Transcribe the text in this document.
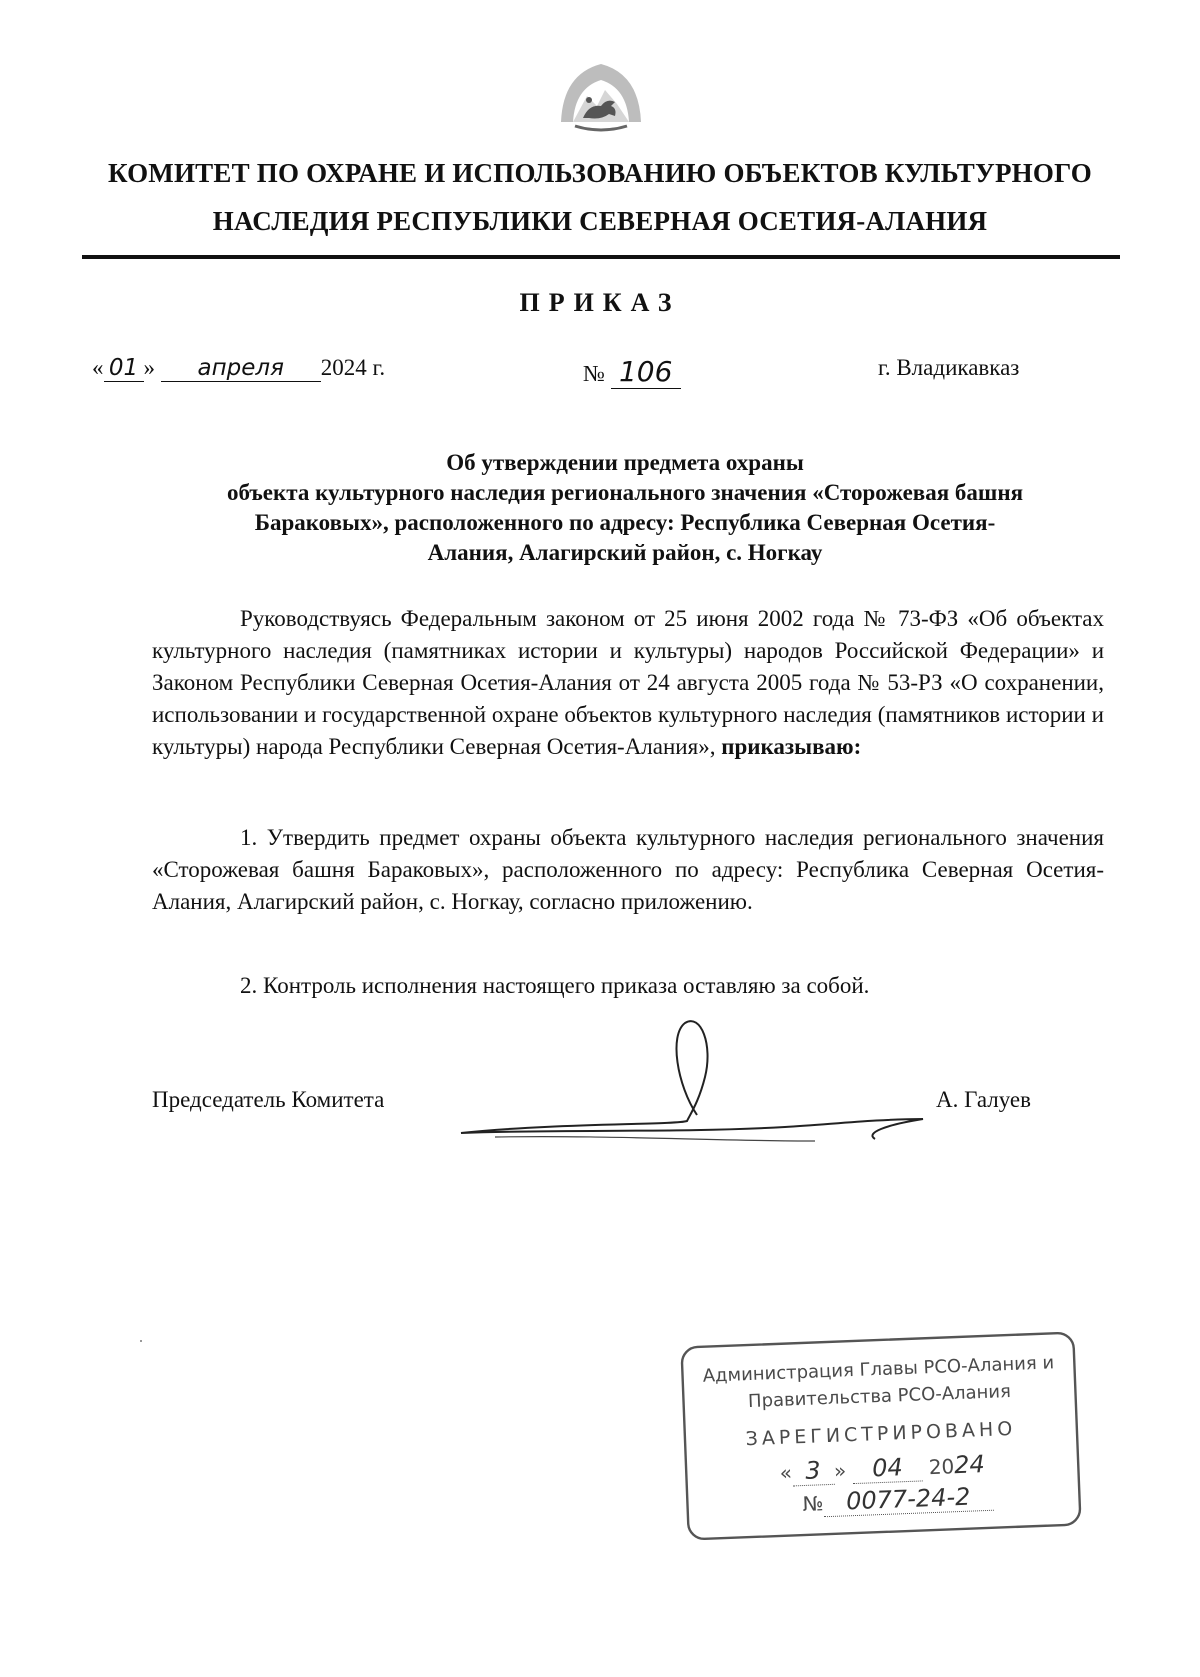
КОМИТЕТ ПО ОХРАНЕ И ИСПОЛЬЗОВАНИЮ ОБЪЕКТОВ КУЛЬТУРНОГО
НАСЛЕДИЯ РЕСПУБЛИКИ СЕВЕРНАЯ ОСЕТИЯ-АЛАНИЯ
ПРИКАЗ
« 01 » апреля 2024 г.	№ 106	г. Владикавказ
Об утверждении предмета охраны
объекта культурного наследия регионального значения «Сторожевая башня
Бараковых», расположенного по адресу: Республика Северная Осетия-
Алания, Алагирский район, с. Ногкау

Руководствуясь Федеральным законом от 25 июня 2002 года № 73-ФЗ «Об объектах культурного наследия (памятниках истории и культуры) народов Российской Федерации» и Законом Республики Северная Осетия-Алания от 24 августа 2005 года № 53-РЗ «О сохранении, использовании и государственной охране объектов культурного наследия (памятников истории и культуры) народа Республики Северная Осетия-Алания», приказываю:

1. Утвердить предмет охраны объекта культурного наследия регионального значения «Сторожевая башня Бараковых», расположенного по адресу: Республика Северная Осетия-Алания, Алагирский район, с. Ногкау, согласно приложению.

2. Контроль исполнения настоящего приказа оставляю за собой.

Председатель Комитета	А. Галуев
Администрация Главы РСО-Алания и
Правительства РСО-Алания
ЗАРЕГИСТРИРОВАНО
« 3 » 04 2024
№ 0077-24-2
